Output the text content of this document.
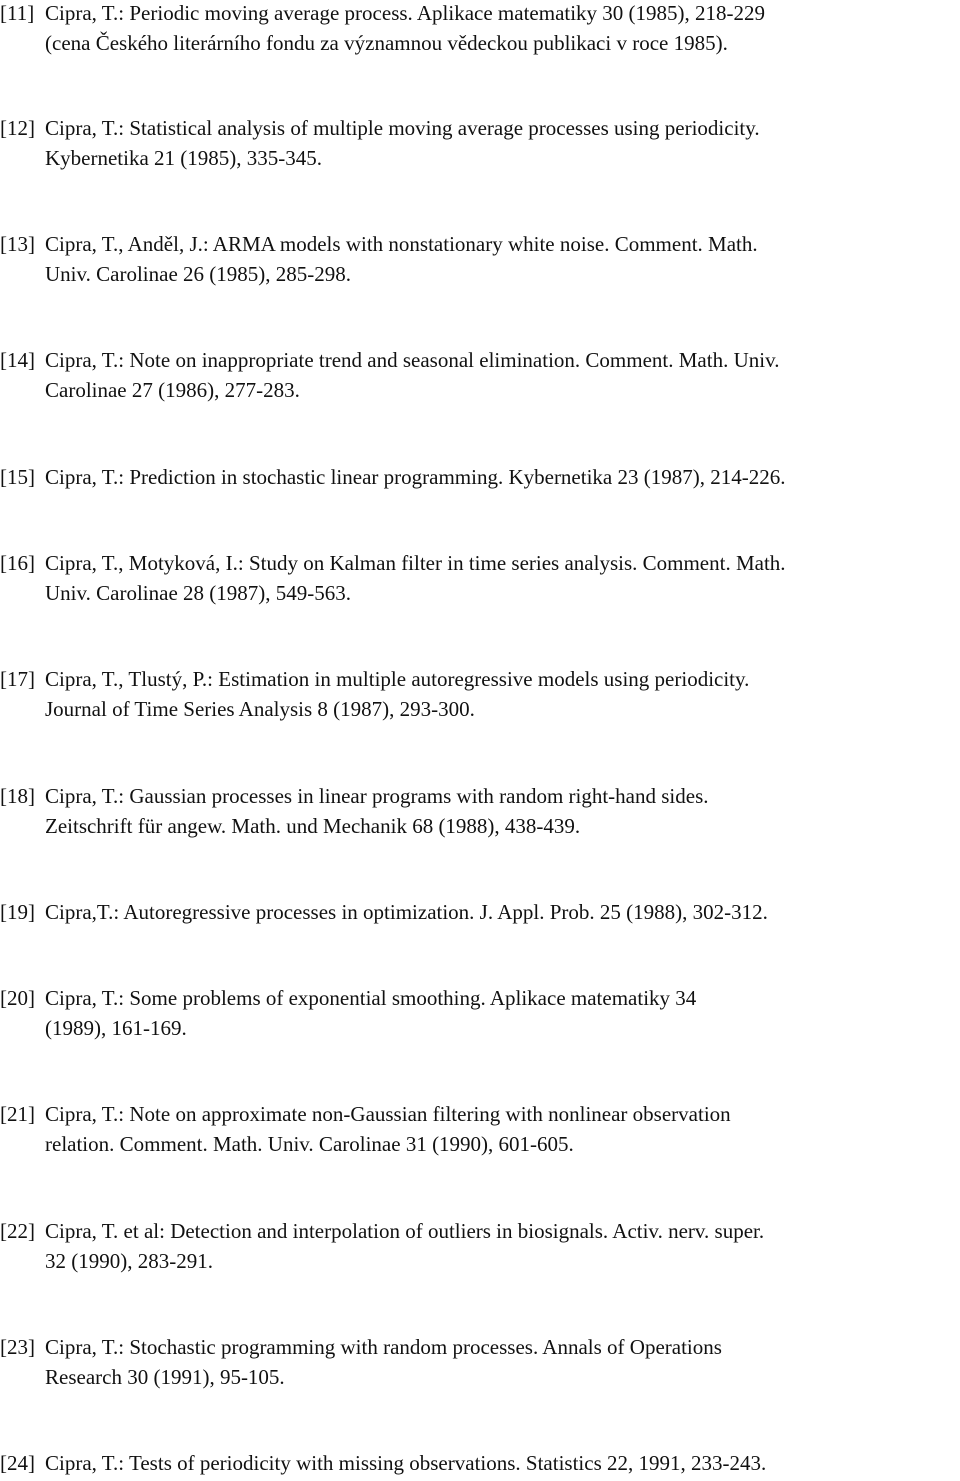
[11] Cipra, T.: Periodic moving average process. Aplikace matematiky 30 (1985), 218-229
(cena Českého literárního fondu za významnou vědeckou publikaci v roce 1985).
[12] Cipra, T.: Statistical analysis of multiple moving average processes using periodicity.
Kybernetika 21 (1985), 335-345.
[13] Cipra, T., Anděl, J.: ARMA models with nonstationary white noise. Comment. Math.
Univ. Carolinae 26 (1985), 285-298.
[14] Cipra, T.: Note on inappropriate trend and seasonal elimination. Comment. Math. Univ.
Carolinae 27 (1986), 277-283.
[15] Cipra, T.: Prediction in stochastic linear programming. Kybernetika 23 (1987), 214-226.
[16] Cipra, T., Motyková, I.: Study on Kalman filter in time series analysis. Comment. Math.
Univ. Carolinae 28 (1987), 549-563.
[17] Cipra, T., Tlustý, P.: Estimation in multiple autoregressive models using periodicity.
Journal of Time Series Analysis 8 (1987), 293-300.
[18] Cipra, T.: Gaussian processes in linear programs with random right-hand sides.
Zeitschrift für angew. Math. und Mechanik 68 (1988), 438-439.
[19] Cipra,T.: Autoregressive processes in optimization. J. Appl. Prob. 25 (1988), 302-312.
[20] Cipra, T.: Some problems of exponential smoothing. Aplikace matematiky 34
(1989), 161-169.
[21] Cipra, T.: Note on approximate non-Gaussian filtering with nonlinear observation
relation. Comment. Math. Univ. Carolinae 31 (1990), 601-605.
[22] Cipra, T. et al: Detection and interpolation of outliers in biosignals. Activ. nerv. super.
32 (1990), 283-291.
[23] Cipra, T.: Stochastic programming with random processes. Annals of Operations
Research 30 (1991), 95-105.
[24] Cipra, T.: Tests of periodicity with missing observations. Statistics 22, 1991, 233-243.
